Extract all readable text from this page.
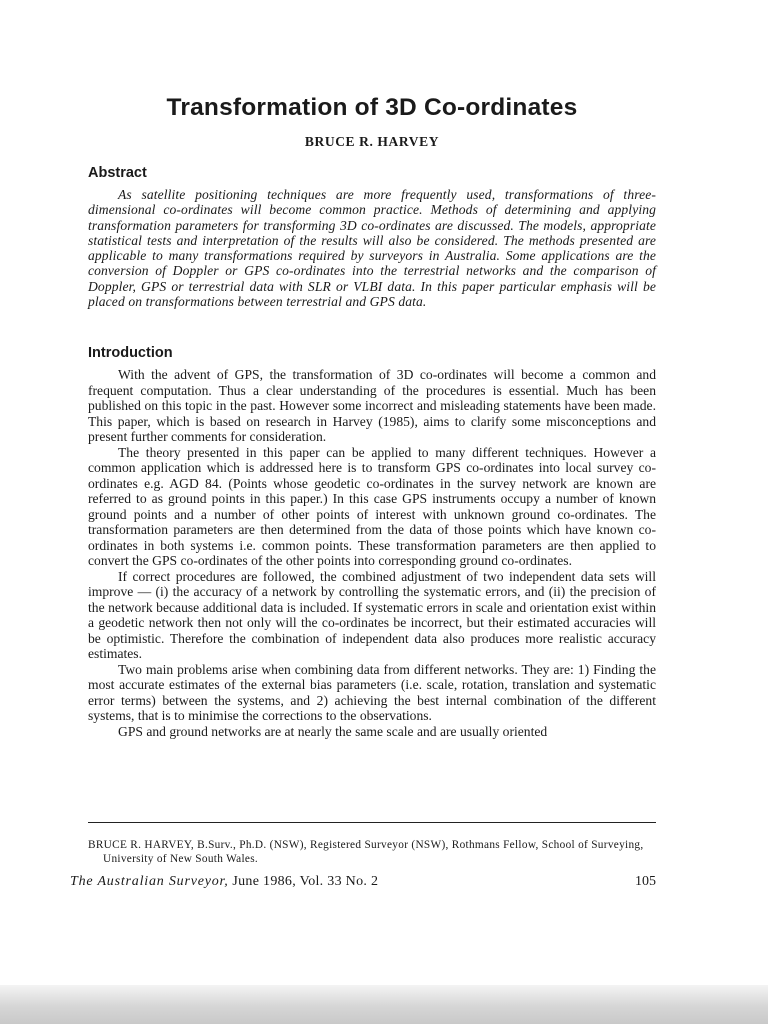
Transformation of 3D Co-ordinates

BRUCE R. HARVEY

Abstract

As satellite positioning techniques are more frequently used, transformations of three-dimensional co-ordinates will become common practice. Methods of determining and applying transformation parameters for transforming 3D co-ordinates are discussed. The models, appropriate statistical tests and interpretation of the results will also be considered. The methods presented are applicable to many transformations required by surveyors in Australia. Some applications are the conversion of Doppler or GPS co-ordinates into the terrestrial networks and the comparison of Doppler, GPS or terrestrial data with SLR or VLBI data. In this paper particular emphasis will be placed on transformations between terrestrial and GPS data.

Introduction

With the advent of GPS, the transformation of 3D co-ordinates will become a common and frequent computation. Thus a clear understanding of the procedures is essential. Much has been published on this topic in the past. However some incorrect and misleading statements have been made. This paper, which is based on research in Harvey (1985), aims to clarify some misconceptions and present further comments for consideration.

The theory presented in this paper can be applied to many different techniques. However a common application which is addressed here is to transform GPS co-ordinates into local survey co-ordinates e.g. AGD 84. (Points whose geodetic co-ordinates in the survey network are known are referred to as ground points in this paper.) In this case GPS instruments occupy a number of known ground points and a number of other points of interest with unknown ground co-ordinates. The transformation parameters are then determined from the data of those points which have known co-ordinates in both systems i.e. common points. These transformation parameters are then applied to convert the GPS co-ordinates of the other points into corresponding ground co-ordinates.

If correct procedures are followed, the combined adjustment of two independent data sets will improve — (i) the accuracy of a network by controlling the systematic errors, and (ii) the precision of the network because additional data is included. If systematic errors in scale and orientation exist within a geodetic network then not only will the co-ordinates be incorrect, but their estimated accuracies will be optimistic. Therefore the combination of independent data also produces more realistic accuracy estimates.

Two main problems arise when combining data from different networks. They are: 1) Finding the most accurate estimates of the external bias parameters (i.e. scale, rotation, translation and systematic error terms) between the systems, and 2) achieving the best internal combination of the different systems, that is to minimise the corrections to the observations.

GPS and ground networks are at nearly the same scale and are usually oriented

BRUCE R. HARVEY, B.Surv., Ph.D. (NSW), Registered Surveyor (NSW), Rothmans Fellow, School of Surveying, University of New South Wales.

The Australian Surveyor, June 1986, Vol. 33 No. 2	105
